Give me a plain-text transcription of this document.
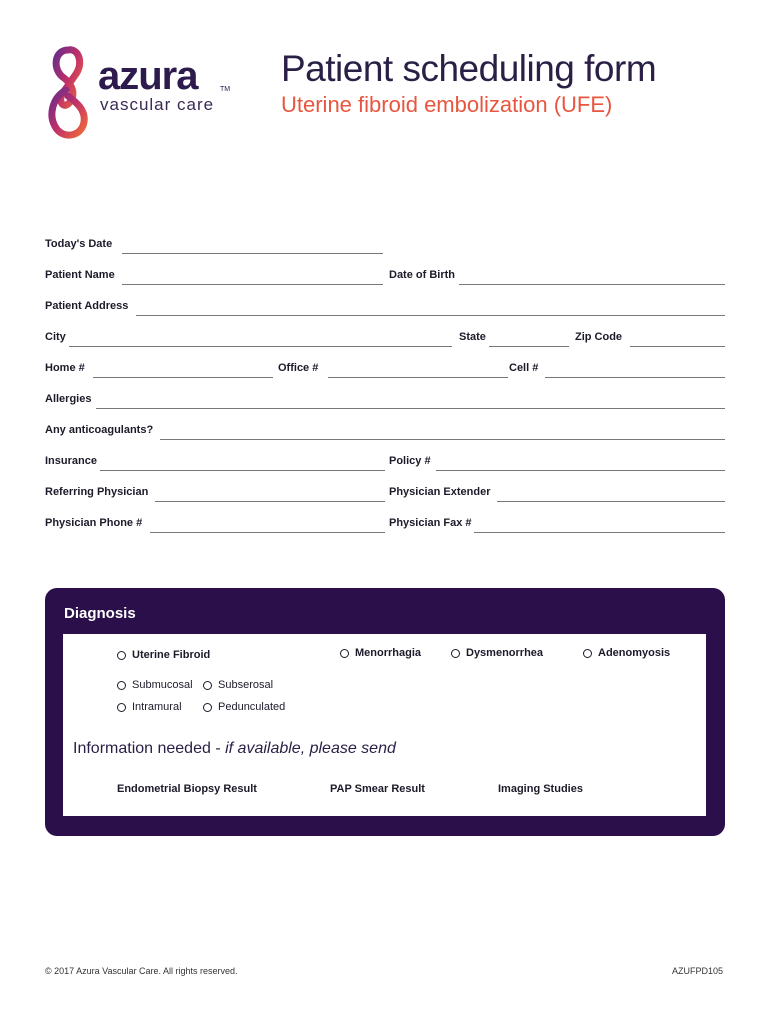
azura	TM
vascular care
Patient scheduling form
Uterine fibroid embolization (UFE)
Today's Date
Patient Name	Date of Birth
Patient Address
City	State	Zip Code
Home #	Office #	Cell #
Allergies
Any anticoagulants?
Insurance	Policy #
Referring Physician	Physician Extender
Physician Phone #	Physician Fax #
Diagnosis
Uterine Fibroid	Menorrhagia	Dysmenorrhea	Adenomyosis
Submucosal Subserosal
Intramural	Pedunculated
Information needed - if available, please send
Endometrial Biopsy Result	PAP Smear Result	Imaging Studies
© 2017 Azura Vascular Care. All rights reserved.	AZUFPD105
